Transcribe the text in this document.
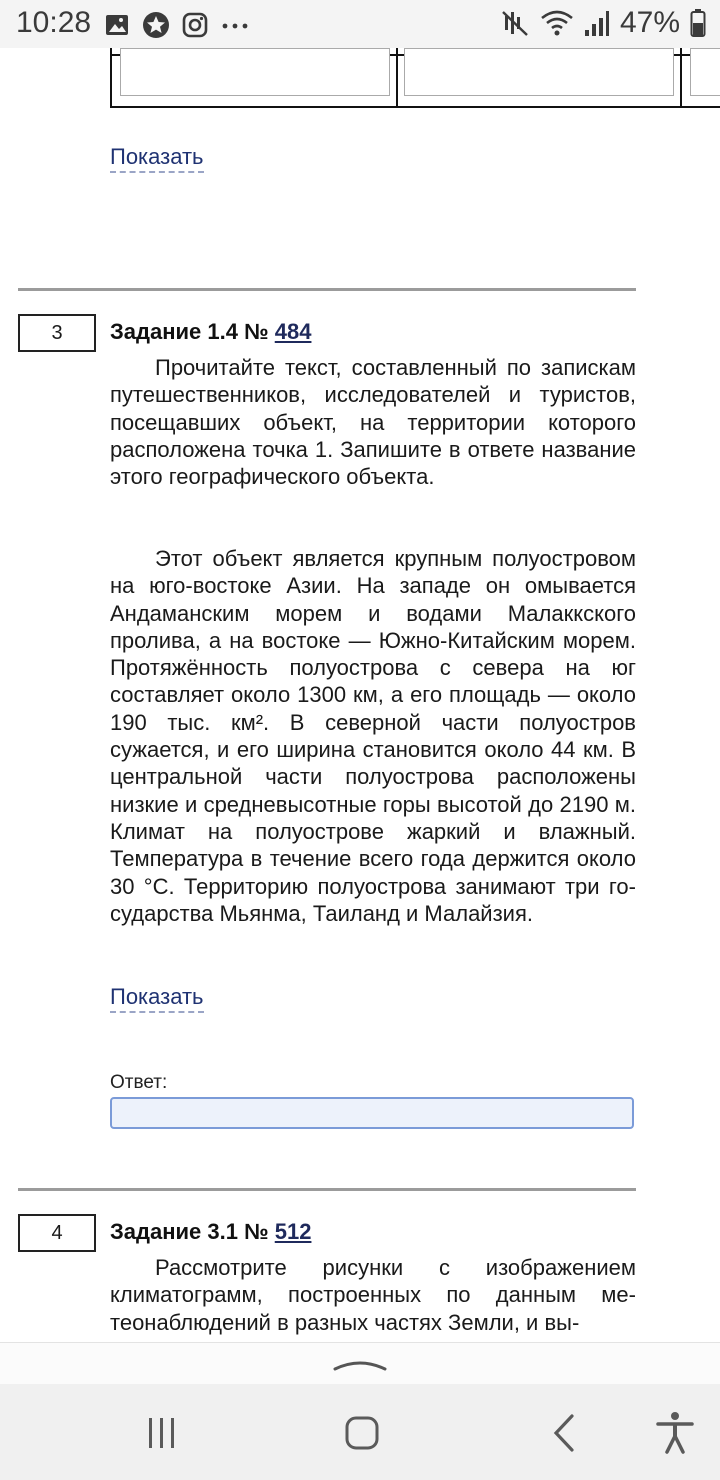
10:28	47%
Показать
3	Задание 1.4 № 484

Прочитайте текст, составленный по запискам путешественников, исследователей и туристов, посещавших объект, на территории которого расположена точка 1. Запишите в ответе название этого географического объекта.

Этот объект является крупным полуостровом на юго-востоке Азии. На западе он омывается Андаманским морем и водами Малаккского пролива, а на востоке — Южно-Китайским морем. Протяжённость полуострова с севера на юг составляет около 1300 км, а его площадь — около 190 тыс. км². В северной части полуостров сужается, и его ширина становится около 44 км. В центральной части полуострова расположены низкие и средневысотные горы высотой до 2190 м. Климат на полуострове жаркий и влажный. Температура в течение всего года держится около 30 °C. Территорию полуострова занимают три государства Мьянма, Таиланд и Малайзия.

Показать
Ответ:
4	Задание 3.1 № 512

Рассмотрите рисунки с изображением климатограмм, построенных по данным метеонаблюдений в разных частях Земли, и вы-
